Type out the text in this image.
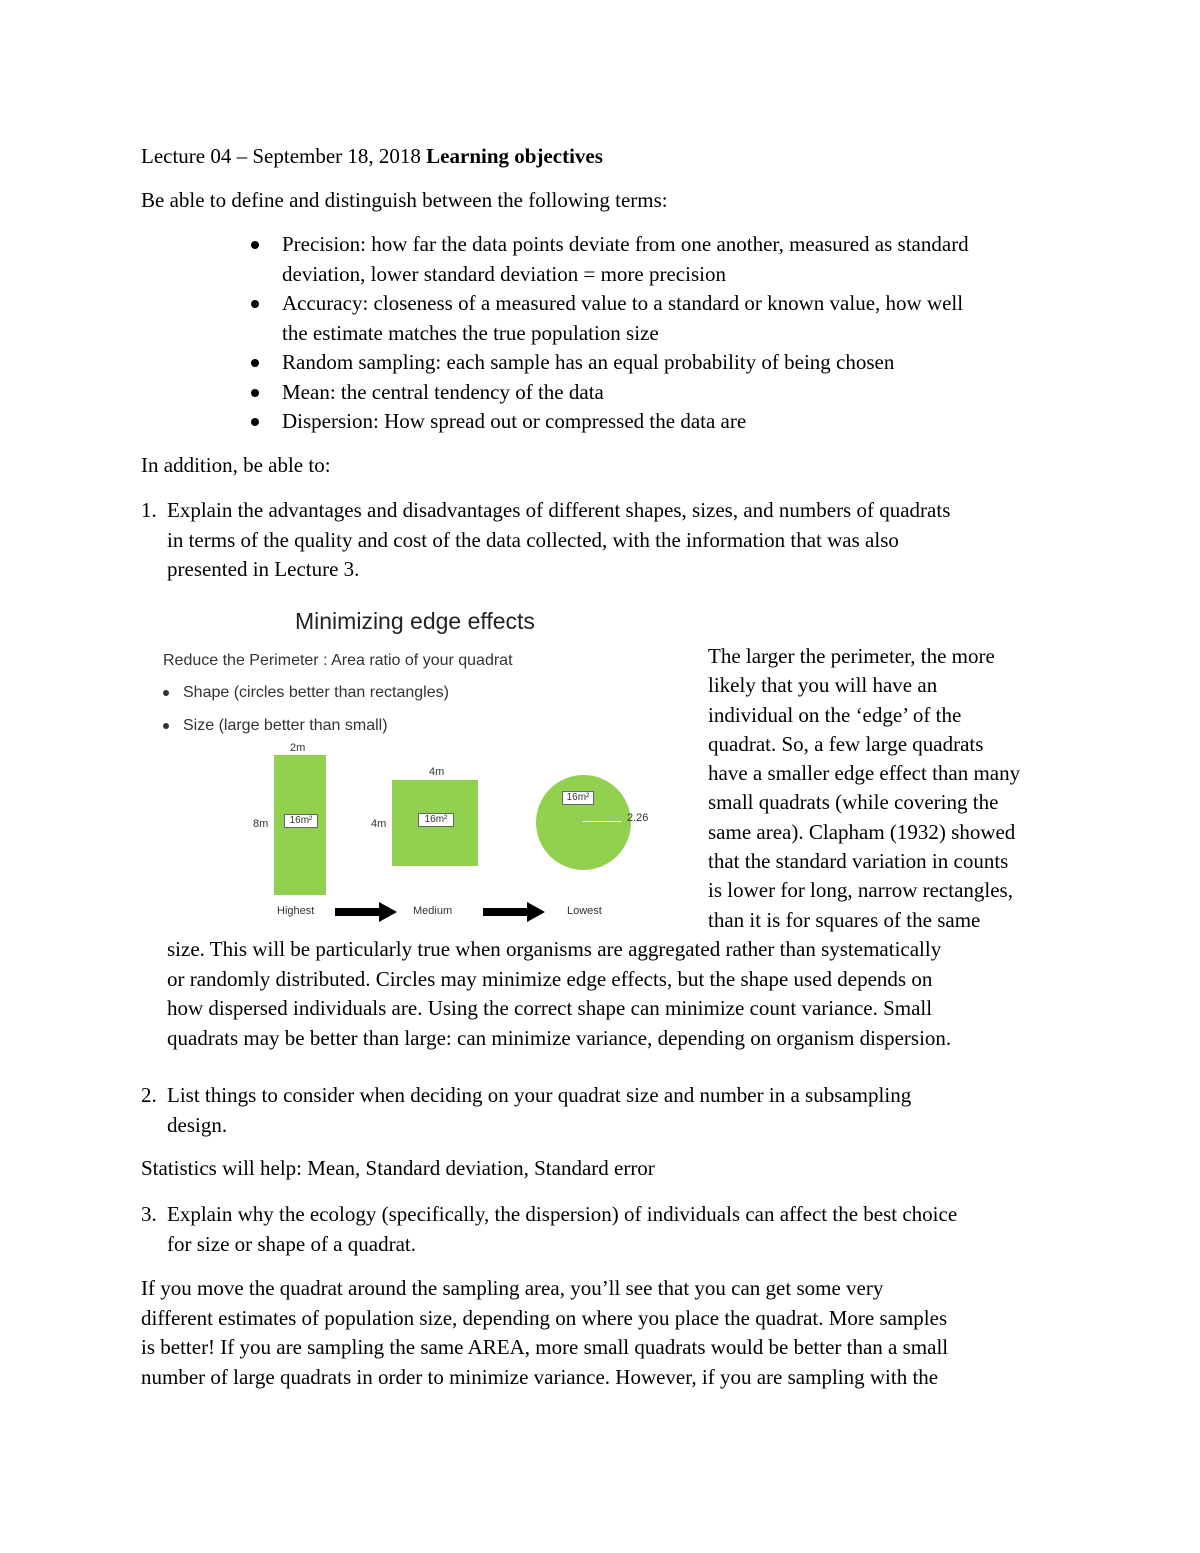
Lecture 04 – September 18, 2018 Learning objectives

Be able to define and distinguish between the following terms:

Precision: how far the data points deviate from one another, measured as standard
deviation, lower standard deviation = more precision
Accuracy: closeness of a measured value to a standard or known value, how well
the estimate matches the true population size
Random sampling: each sample has an equal probability of being chosen
Mean: the central tendency of the data
Dispersion: How spread out or compressed the data are

In addition, be able to:

1. Explain the advantages and disadvantages of different shapes, sizes, and numbers of quadrats
in terms of the quality and cost of the data collected, with the information that was also
presented in Lecture 3.
Minimizing edge effects
Reduce the Perimeter : Area ratio of your quadrat
Shape (circles better than rectangles)
Size (large better than small)
2m
8m	16m²
Highest
4m
4m	16m²
Medium
16m²
2.26
Lowest
The larger the perimeter, the more
likely that you will have an
individual on the ‘edge’ of the
quadrat. So, a few large quadrats
have a smaller edge effect than many
small quadrats (while covering the
same area). Clapham (1932) showed
that the standard variation in counts
is lower for long, narrow rectangles,
than it is for squares of the same
size. This will be particularly true when organisms are aggregated rather than systematically
or randomly distributed. Circles may minimize edge effects, but the shape used depends on
how dispersed individuals are. Using the correct shape can minimize count variance. Small
quadrats may be better than large: can minimize variance, depending on organism dispersion.
2. List things to consider when deciding on your quadrat size and number in a subsampling
design.

Statistics will help: Mean, Standard deviation, Standard error

3. Explain why the ecology (specifically, the dispersion) of individuals can affect the best choice
for size or shape of a quadrat.
If you move the quadrat around the sampling area, you’ll see that you can get some very
different estimates of population size, depending on where you place the quadrat. More samples
is better! If you are sampling the same AREA, more small quadrats would be better than a small
number of large quadrats in order to minimize variance. However, if you are sampling with the
